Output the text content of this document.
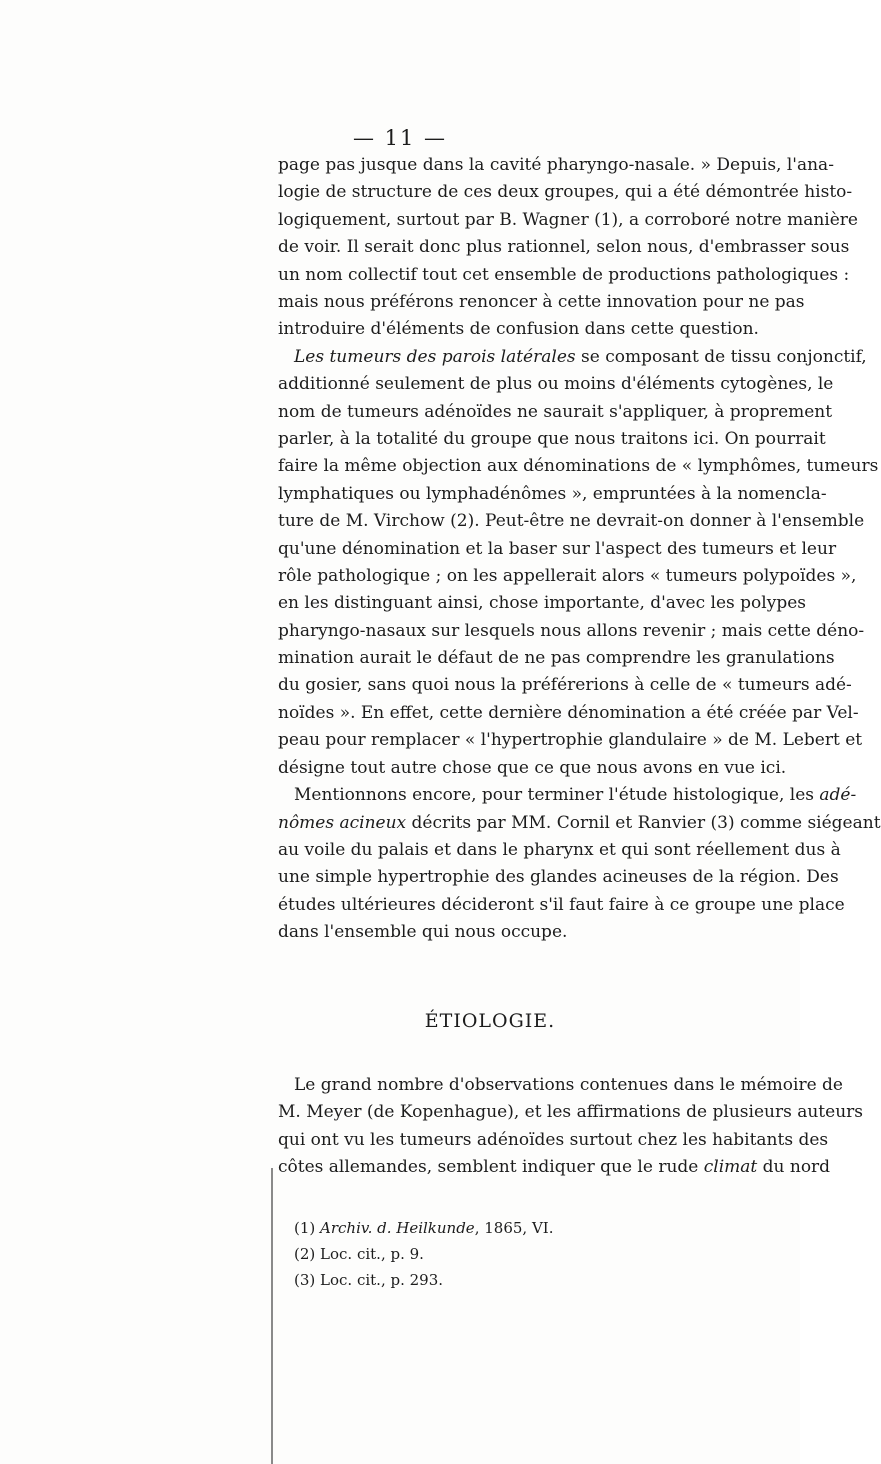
— 11 —
page pas jusque dans la cavité pharyngo-nasale. » Depuis, l'ana-
logie de structure de ces deux groupes, qui a été démontrée histo-
logiquement, surtout par B. Wagner (1), a corroboré notre manière
de voir. Il serait donc plus rationnel, selon nous, d'embrasser sous
un nom collectif tout cet ensemble de productions pathologiques :
mais nous préférons renoncer à cette innovation pour ne pas
introduire d'éléments de confusion dans cette question.
Les tumeurs des parois latérales se composant de tissu conjonctif,
additionné seulement de plus ou moins d'éléments cytogènes, le
nom de tumeurs adénoïdes ne saurait s'appliquer, à proprement
parler, à la totalité du groupe que nous traitons ici. On pourrait
faire la même objection aux dénominations de « lymphômes, tumeurs
lymphatiques ou lymphadénômes », empruntées à la nomencla-
ture de M. Virchow (2). Peut-être ne devrait-on donner à l'ensemble
qu'une dénomination et la baser sur l'aspect des tumeurs et leur
rôle pathologique ; on les appellerait alors « tumeurs polypoïdes »,
en les distinguant ainsi, chose importante, d'avec les polypes
pharyngo-nasaux sur lesquels nous allons revenir ; mais cette déno-
mination aurait le défaut de ne pas comprendre les granulations
du gosier, sans quoi nous la préférerions à celle de « tumeurs adé-
noïdes ». En effet, cette dernière dénomination a été créée par Vel-
peau pour remplacer « l'hypertrophie glandulaire » de M. Lebert et
désigne tout autre chose que ce que nous avons en vue ici.
Mentionnons encore, pour terminer l'étude histologique, les adé-
nômes acineux décrits par MM. Cornil et Ranvier (3) comme siégeant
au voile du palais et dans le pharynx et qui sont réellement dus à
une simple hypertrophie des glandes acineuses de la région. Des
études ultérieures décideront s'il faut faire à ce groupe une place
dans l'ensemble qui nous occupe.
ÉTIOLOGIE.
Le grand nombre d'observations contenues dans le mémoire de
M. Meyer (de Kopenhague), et les affirmations de plusieurs auteurs
qui ont vu les tumeurs adénoïdes surtout chez les habitants des
côtes allemandes, semblent indiquer que le rude climat du nord
(1) Archiv. d. Heilkunde, 1865, VI.
(2) Loc. cit., p. 9.
(3) Loc. cit., p. 293.
